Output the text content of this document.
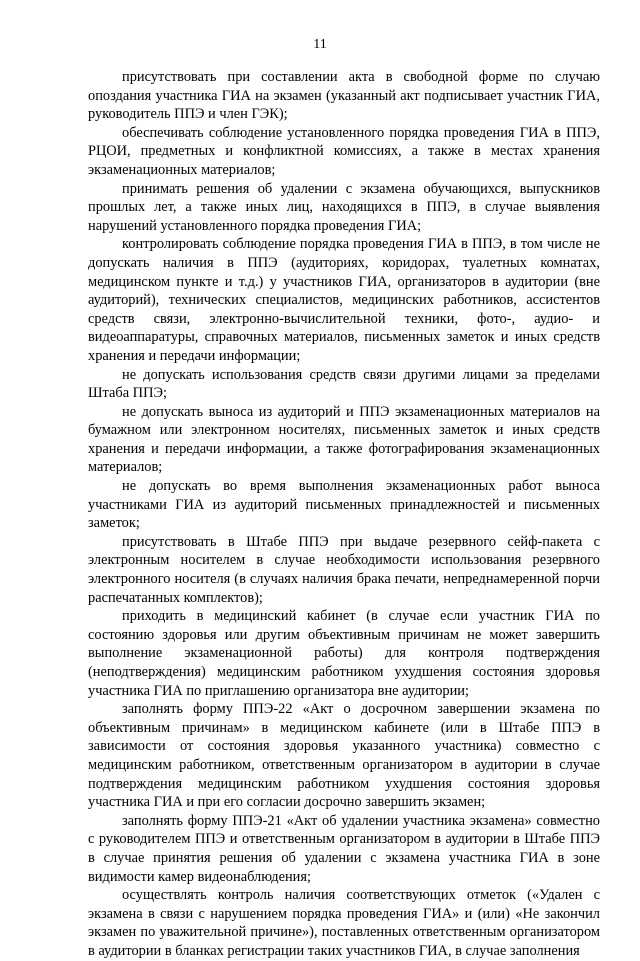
11

присутствовать при составлении акта в свободной форме по случаю опоздания участника ГИА на экзамен (указанный акт подписывает участник ГИА, руководитель ППЭ и член ГЭК);

обеспечивать соблюдение установленного порядка проведения ГИА в ППЭ, РЦОИ, предметных и конфликтной комиссиях, а также в местах хранения экзаменационных материалов;

принимать решения об удалении с экзамена обучающихся, выпускников прошлых лет, а также иных лиц, находящихся в ППЭ, в случае выявления нарушений установленного порядка проведения ГИА;

контролировать соблюдение порядка проведения ГИА в ППЭ, в том числе не допускать наличия в ППЭ (аудиториях, коридорах, туалетных комнатах, медицинском пункте и т.д.) у участников ГИА, организаторов в аудитории (вне аудиторий), технических специалистов, медицинских работников, ассистентов средств связи, электронно-вычислительной техники, фото-, аудио- и видеоаппаратуры, справочных материалов, письменных заметок и иных средств хранения и передачи информации;

не допускать использования средств связи другими лицами за пределами Штаба ППЭ;

не допускать выноса из аудиторий и ППЭ экзаменационных материалов на бумажном или электронном носителях, письменных заметок и иных средств хранения и передачи информации, а также фотографирования экзаменационных материалов;

не допускать во время выполнения экзаменационных работ выноса участниками ГИА из аудиторий письменных принадлежностей и письменных заметок;

присутствовать в Штабе ППЭ при выдаче резервного сейф-пакета с электронным носителем в случае необходимости использования резервного электронного носителя (в случаях наличия брака печати, непреднамеренной порчи распечатанных комплектов);

приходить в медицинский кабинет (в случае если участник ГИА по состоянию здоровья или другим объективным причинам не может завершить выполнение экзаменационной работы) для контроля подтверждения (неподтверждения) медицинским работником ухудшения состояния здоровья участника ГИА по приглашению организатора вне аудитории;

заполнять форму ППЭ-22 «Акт о досрочном завершении экзамена по объективным причинам» в медицинском кабинете (или в Штабе ППЭ в зависимости от состояния здоровья указанного участника) совместно с медицинским работником, ответственным организатором в аудитории в случае подтверждения медицинским работником ухудшения состояния здоровья участника ГИА и при его согласии досрочно завершить экзамен;

заполнять форму ППЭ-21 «Акт об удалении участника экзамена» совместно с руководителем ППЭ и ответственным организатором в аудитории в Штабе ППЭ в случае принятия решения об удалении с экзамена участника ГИА в зоне видимости камер видеонаблюдения;

осуществлять контроль наличия соответствующих отметок («Удален с экзамена в связи с нарушением порядка проведения ГИА» и (или) «Не закончил экзамен по уважительной причине»), поставленных ответственным организатором в аудитории в бланках регистрации таких участников ГИА, в случае заполнения
